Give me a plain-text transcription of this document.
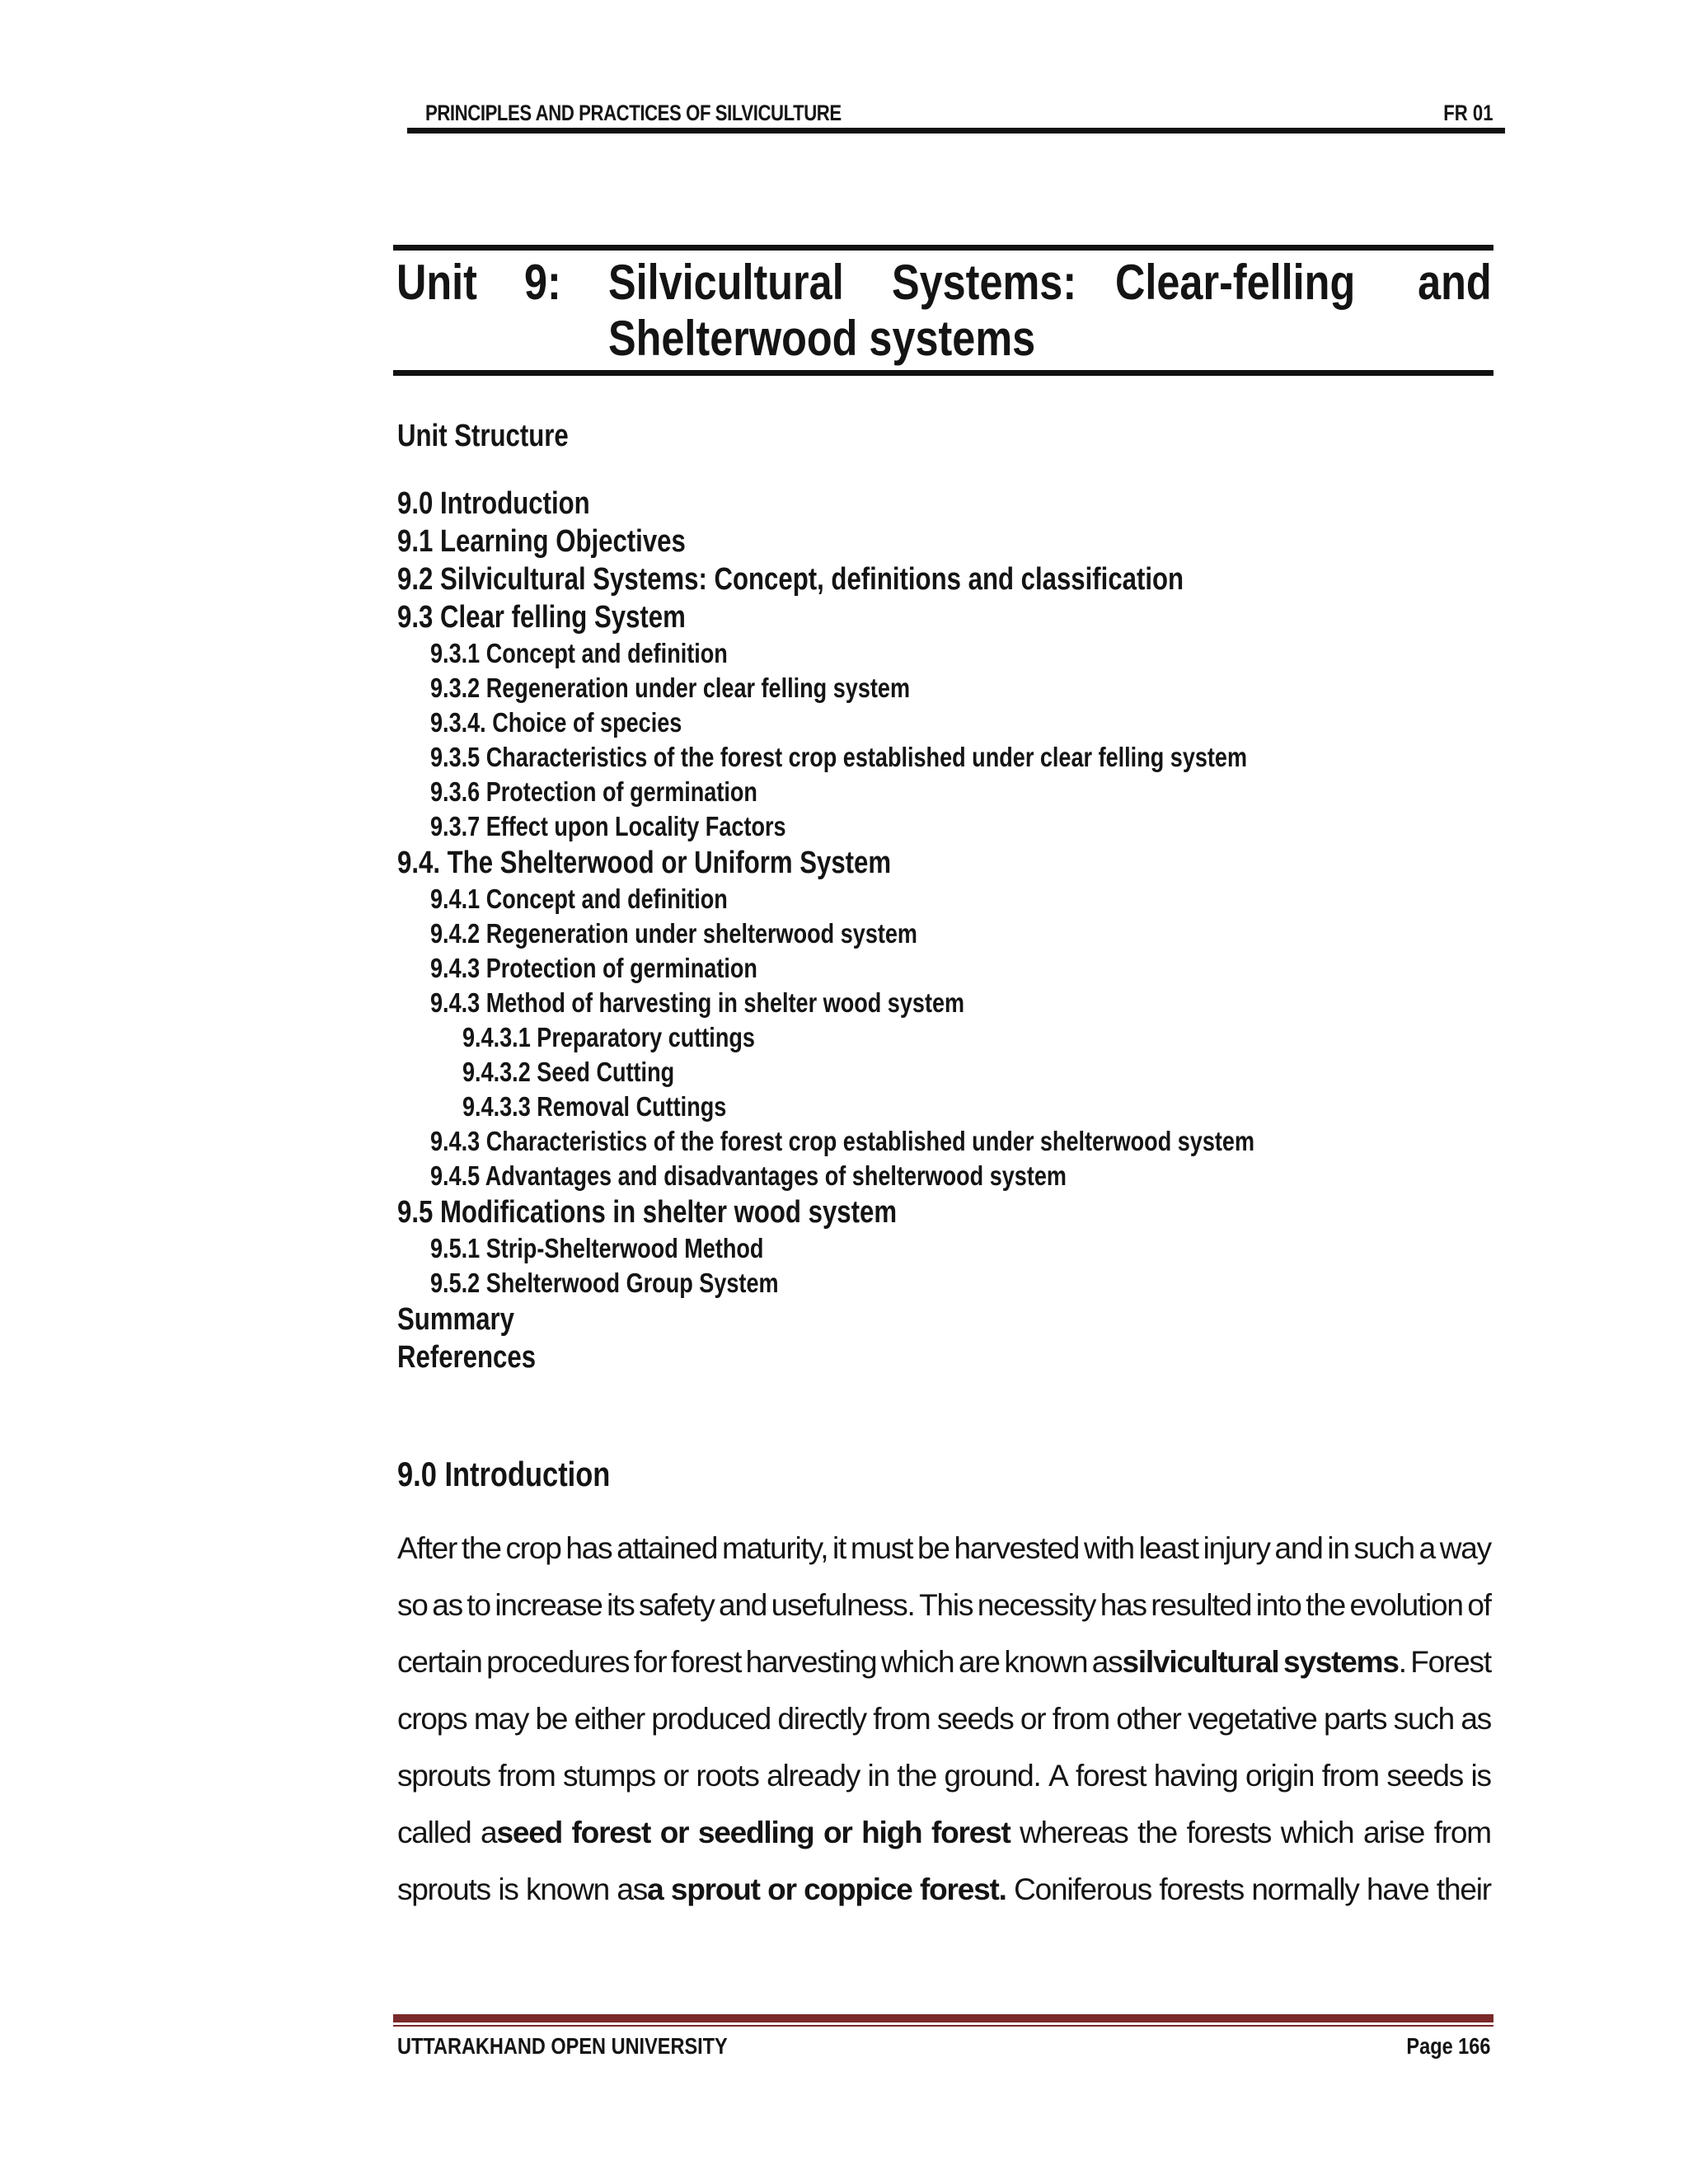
PRINCIPLES AND PRACTICES OF SILVICULTURE	FR 01
Unit 9: Silvicultural Systems: Clear-felling and
Shelterwood systems
Unit Structure
9.0 Introduction
9.1 Learning Objectives
9.2 Silvicultural Systems: Concept, definitions and classification
9.3 Clear felling System
9.3.1 Concept and definition
9.3.2 Regeneration under clear felling system
9.3.4. Choice of species
9.3.5 Characteristics of the forest crop established under clear felling system
9.3.6 Protection of germination
9.3.7 Effect upon Locality Factors
9.4. The Shelterwood or Uniform System
9.4.1 Concept and definition
9.4.2 Regeneration under shelterwood system
9.4.3 Protection of germination
9.4.3 Method of harvesting in shelter wood system
9.4.3.1 Preparatory cuttings
9.4.3.2 Seed Cutting
9.4.3.3 Removal Cuttings
9.4.3 Characteristics of the forest crop established under shelterwood system
9.4.5 Advantages and disadvantages of shelterwood system
9.5 Modifications in shelter wood system
9.5.1 Strip-Shelterwood Method
9.5.2 Shelterwood Group System
Summary
References
9.0 Introduction
After the crop has attained maturity, it must be harvested with least injury and in such a way
so as to increase its safety and usefulness. This necessity has resulted into the evolution of
certain procedures for forest harvesting which are known assilvicultural systems. Forest
crops may be either produced directly from seeds or from other vegetative parts such as
sprouts from stumps or roots already in the ground. A forest having origin from seeds is
called aseed forest or seedling or high forest whereas the forests which arise from
sprouts is known asa sprout or coppice forest. Coniferous forests normally have their
UTTARAKHAND OPEN UNIVERSITY	Page 166
